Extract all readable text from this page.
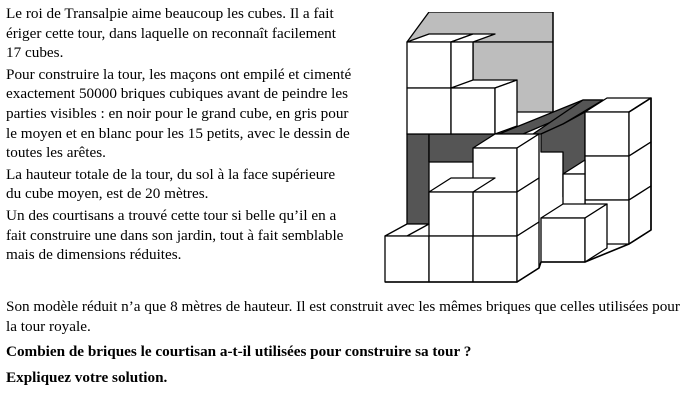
Le roi de Transalpie aime beaucoup les cubes. Il a fait ériger cette tour, dans laquelle on reconnaît facilement 17 cubes.

Pour construire la tour, les maçons ont empilé et cimenté exactement 50000 briques cubiques avant de peindre les parties visibles : en noir pour le grand cube, en gris pour le moyen et en blanc pour les 15 petits, avec le dessin de toutes les arêtes.

La hauteur totale de la tour, du sol à la face supérieure du cube moyen, est de 20 mètres.

Un des courtisans a trouvé cette tour si belle qu’il en a fait construire une dans son jardin, tout à fait semblable mais de dimensions réduites.

Son modèle réduit n’a que 8 mètres de hauteur. Il est construit avec les mêmes briques que celles utilisées pour la tour royale.

Combien de briques le courtisan a-t-il utilisées pour construire sa tour ?

Expliquez votre solution.
